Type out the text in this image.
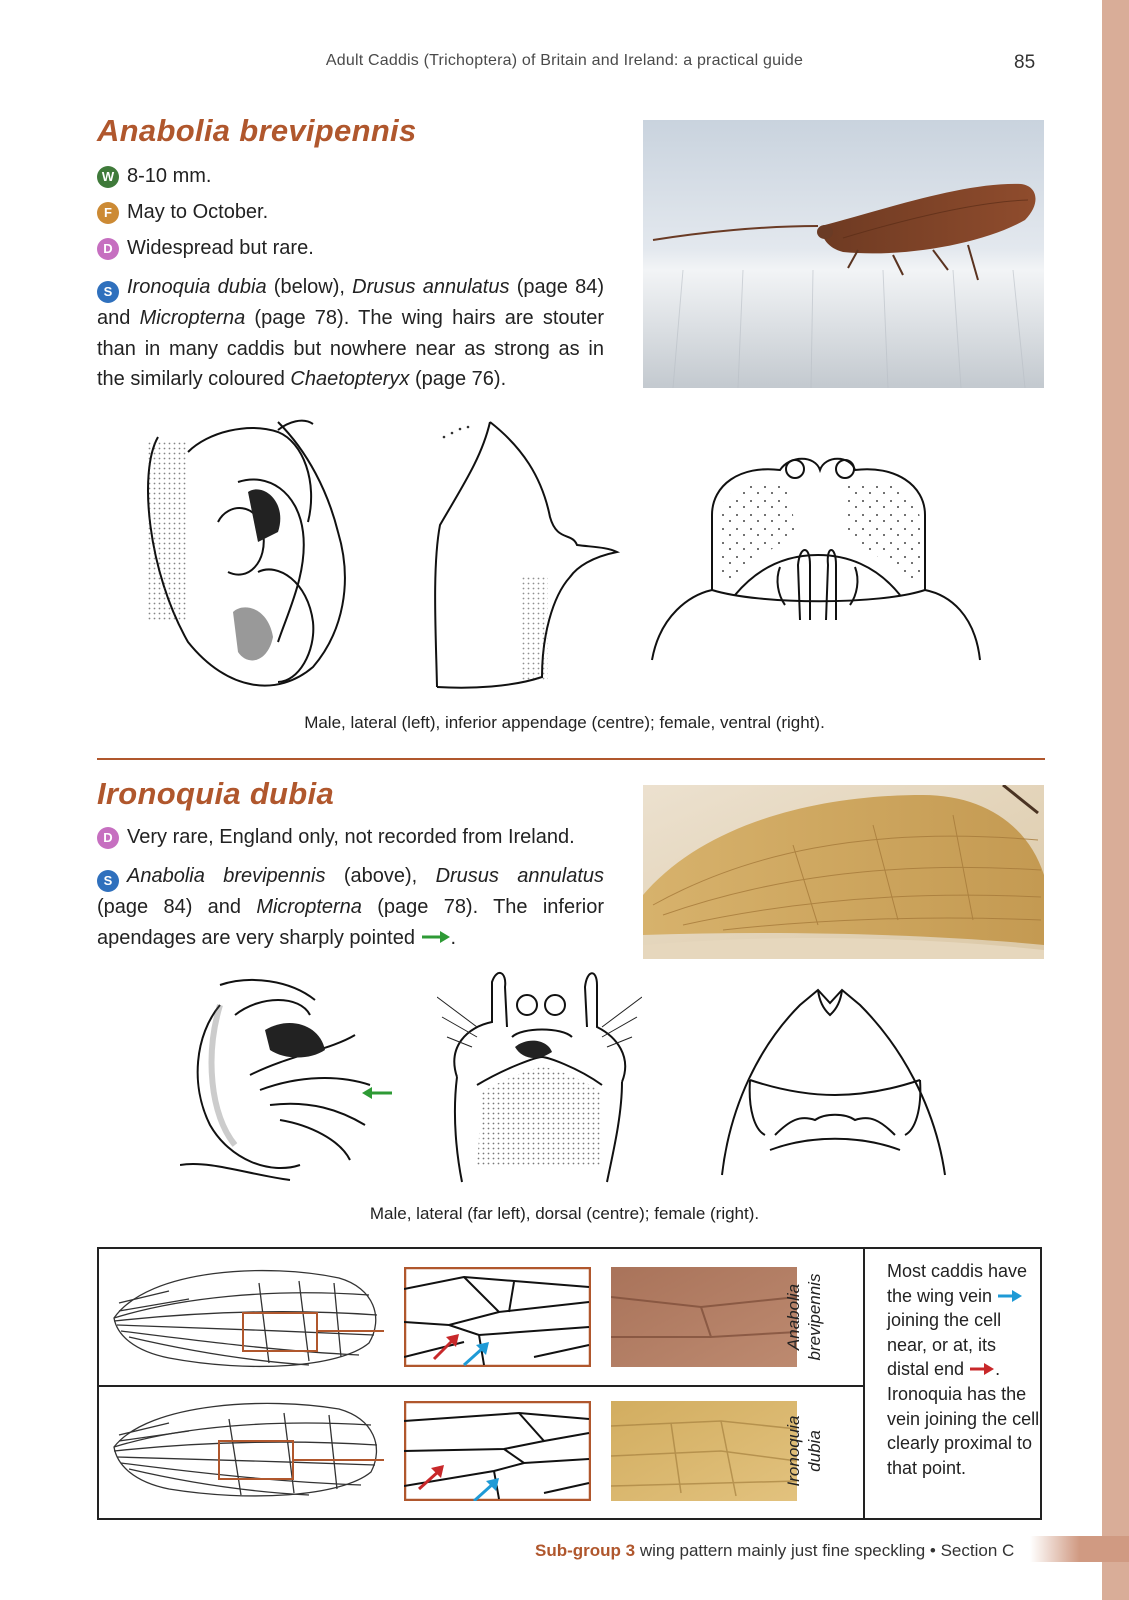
Adult Caddis (Trichoptera) of Britain and Ireland: a practical guide	85
Anabolia brevipennis
W 8-10 mm.
F May to October.
D Widespread but rare.
S Ironoquia dubia (below), Drusus annulatus (page 84) and Micropterna (page 78). The wing hairs are stouter than in many caddis but nowhere near as strong as in the similarly coloured Chaetopteryx (page 76).
Male, lateral (left), inferior appendage (centre); female, ventral (right).
Ironoquia dubia
D Very rare, England only, not recorded from Ireland.
S Anabolia brevipennis (above), Drusus annulatus (page 84) and Micropterna (page 78). The inferior apendages are very sharply pointed .
Male, lateral (far left), dorsal (centre); female (right).
Anabolia brevipennis
Ironoquia dubia
Most caddis have the wing vein  joining the cell near, or at, its distal end . Ironoquia has the vein joining the cell clearly proximal to that point.
Sub-group 3 wing pattern mainly just fine speckling • Section C
